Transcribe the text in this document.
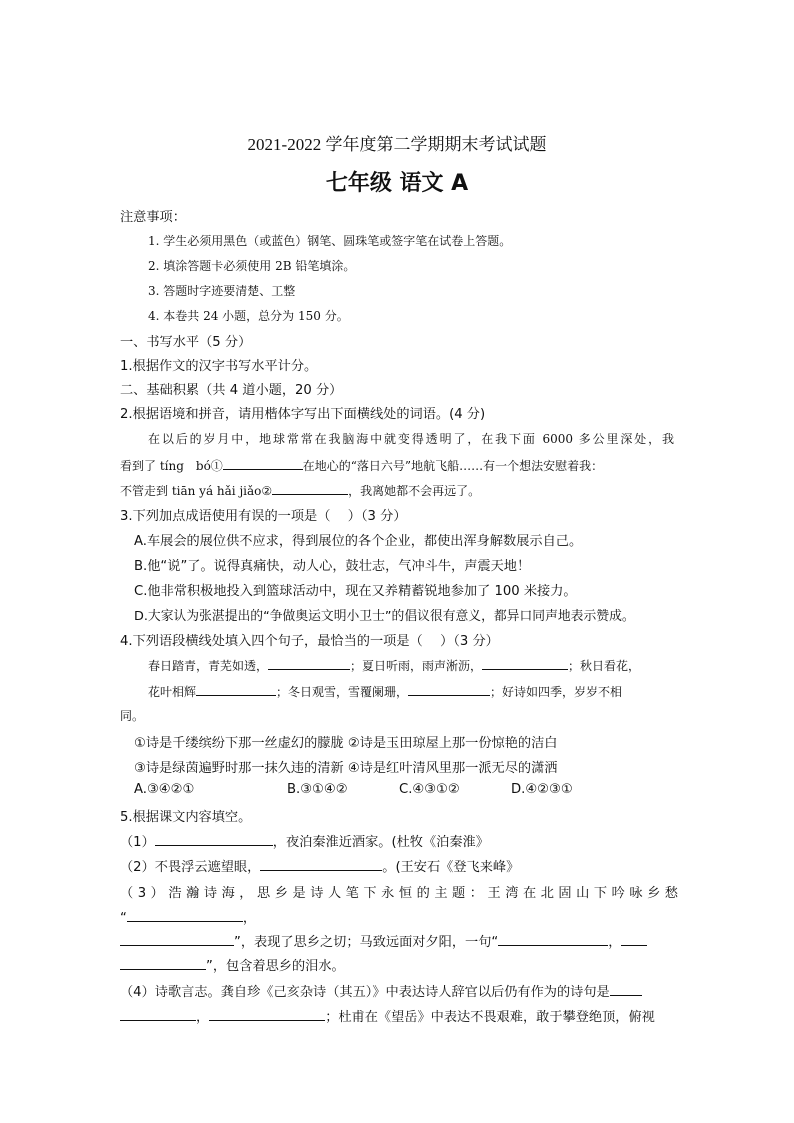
2021-2022 学年度第二学期期末考试试题
七年级 语文 A
注意事项：
1. 学生必须用黑色（或蓝色）钢笔、圆珠笔或签字笔在试卷上答题。
2. 填涂答题卡必须使用 2B 铅笔填涂。
3. 答题时字迹要清楚、工整
4. 本卷共 24 小题，总分为 150 分。
一、书写水平（5 分）
1.根据作文的汉字书写水平计分。
二、基础积累（共 4 道小题，20 分）
2.根据语境和拼音，请用楷体字写出下面横线处的词语。(4 分)
在以后的岁月中，地球常常在我脑海中就变得透明了，在我下面 6000 多公里深处，我
看到了 tíng　bó①	在地心的“落日六号”地航飞船……有一个想法安慰着我：
不管走到 tiān yá hǎi jiǎo②	，我离她都不会再远了。
3.下列加点成语使用有误的一项是（　 ）（3 分）
A.车展会的展位供不应求，得到展位的各个企业，都使出浑身解数展示自己。
B.他“说”了。说得真痛快，动人心，鼓壮志，气冲斗牛，声震天地！
C.他非常积极地投入到篮球活动中，现在又养精蓄锐地参加了 100 米接力。
D.大家认为张湛提出的“争做奥运文明小卫士”的倡议很有意义，都异口同声地表示赞成。
4.下列语段横线处填入四个句子，最恰当的一项是（　 ）（3 分）
春日踏青，青芜如透，	；夏日听雨，雨声淅沥，	；秋日看花，
花叶相辉	；冬日观雪，雪覆阑珊，	；好诗如四季，岁岁不相
同。
①诗是千缕缤纷下那一丝虚幻的朦胧 ②诗是玉田琼屋上那一份惊艳的洁白
③诗是绿茵遍野时那一抹久违的清新 ④诗是红叶清风里那一派无尽的潇洒
A.③④②①	B.③①④②	C.④③①②	D.④②③①
5.根据课文内容填空。
（1）	，夜泊秦淮近酒家。(杜牧《泊秦淮》
（2）不畏浮云遮望眼，	。(王安石《登飞来峰》
（3）浩瀚诗海，思乡是诗人笔下永恒的主题：王湾在北固山下吟咏乡愁
“	，
”，表现了思乡之切；马致远面对夕阳，一句“	，
”，包含着思乡的泪水。
（4）诗歌言志。龚自珍《己亥杂诗（其五）》中表达诗人辞官以后仍有作为的诗句是
，	；杜甫在《望岳》中表达不畏艰难，敢于攀登绝顶，俯视
